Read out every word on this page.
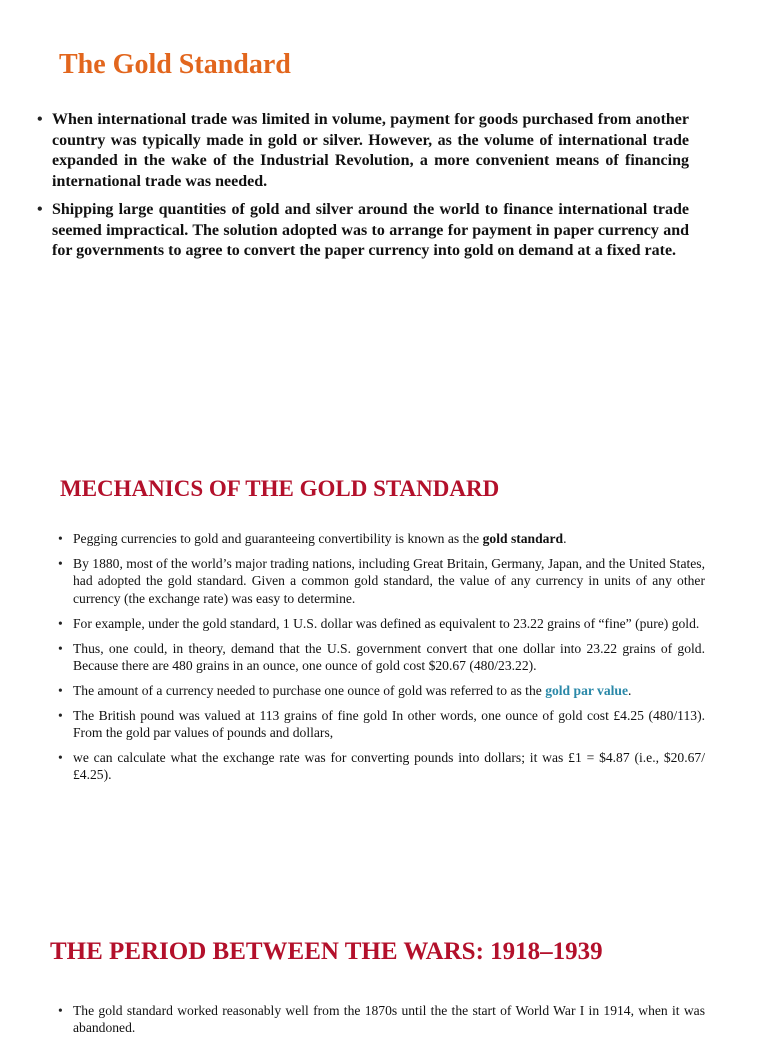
The Gold Standard
• When international trade was limited in volume, payment for goods purchased from another country was typically made in gold or silver. However, as the volume of international trade expanded in the wake of the Industrial Revolution, a more convenient means of financing international trade was needed.
• Shipping large quantities of gold and silver around the world to finance international trade seemed impractical. The solution adopted was to arrange for payment in paper currency and for governments to agree to convert the paper currency into gold on demand at a fixed rate.
MECHANICS OF THE GOLD STANDARD
• Pegging currencies to gold and guaranteeing convertibility is known as the gold standard.
• By 1880, most of the world’s major trading nations, including Great Britain, Germany, Japan, and the United States, had adopted the gold standard. Given a common gold standard, the value of any currency in units of any other currency (the exchange rate) was easy to determine.
• For example, under the gold standard, 1 U.S. dollar was defined as equivalent to 23.22 grains of “fine” (pure) gold.
• Thus, one could, in theory, demand that the U.S. government convert that one dollar into 23.22 grains of gold. Because there are 480 grains in an ounce, one ounce of gold cost $20.67 (480/23.22).
• The amount of a currency needed to purchase one ounce of gold was referred to as the gold par value.
• The British pound was valued at 113 grains of fine gold In other words, one ounce of gold cost £4.25 (480/113). From the gold par values of pounds and dollars,
• we can calculate what the exchange rate was for converting pounds into dollars; it was £1 = $4.87 (i.e., $20.67/£4.25).
THE PERIOD BETWEEN THE WARS: 1918–1939
• The gold standard worked reasonably well from the 1870s until the the start of World War I in 1914, when it was abandoned.
